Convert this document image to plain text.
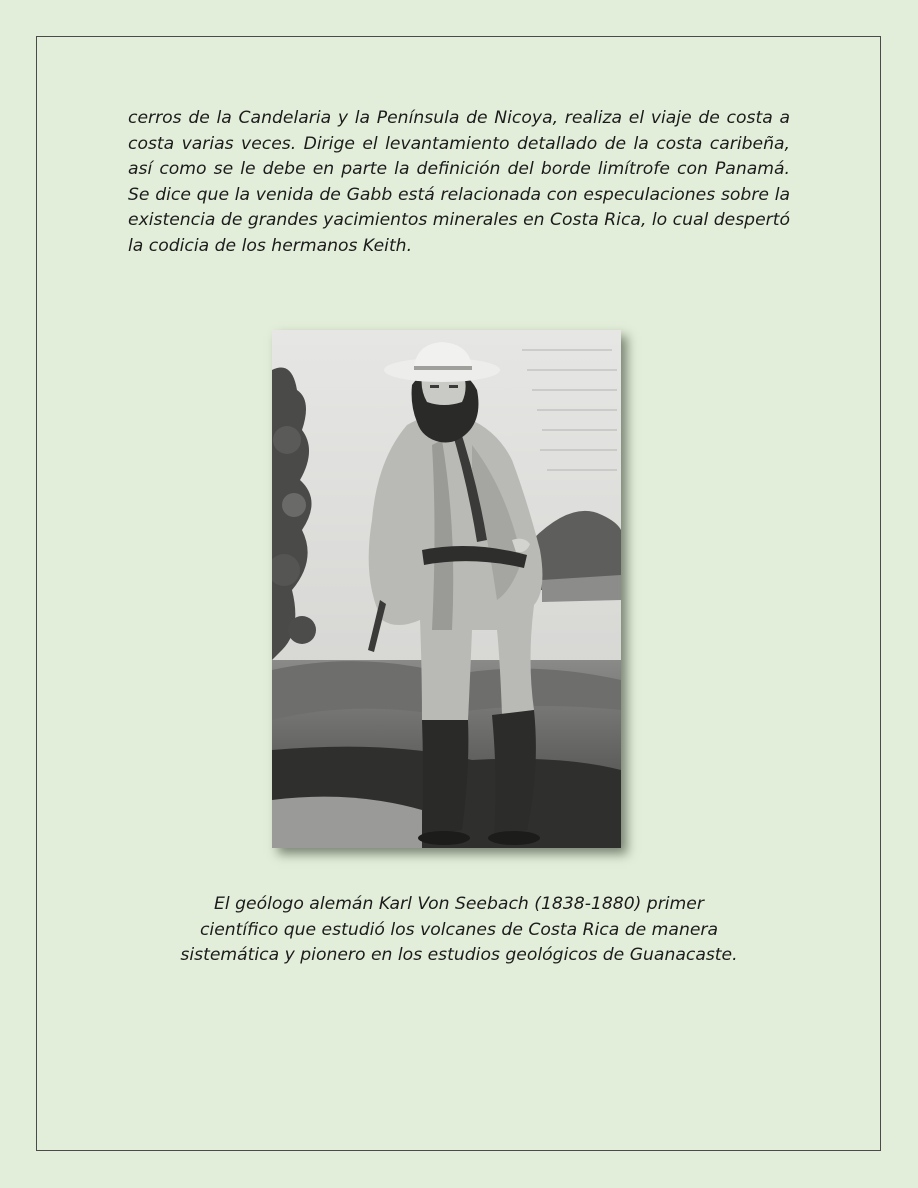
cerros de la Candelaria y la Península de Nicoya, realiza el viaje de costa a costa varias veces. Dirige el levantamiento detallado de la costa caribeña, así como se le debe en parte la definición del borde limítrofe con Panamá. Se dice que la venida de Gabb está relacionada con especulaciones sobre la existencia de grandes yacimientos minerales en Costa Rica, lo cual despertó la codicia de los hermanos Keith.

El geólogo alemán Karl Von Seebach (1838-1880) primer
científico que estudió los volcanes de Costa Rica de manera
sistemática y pionero en los estudios geológicos de Guanacaste.
